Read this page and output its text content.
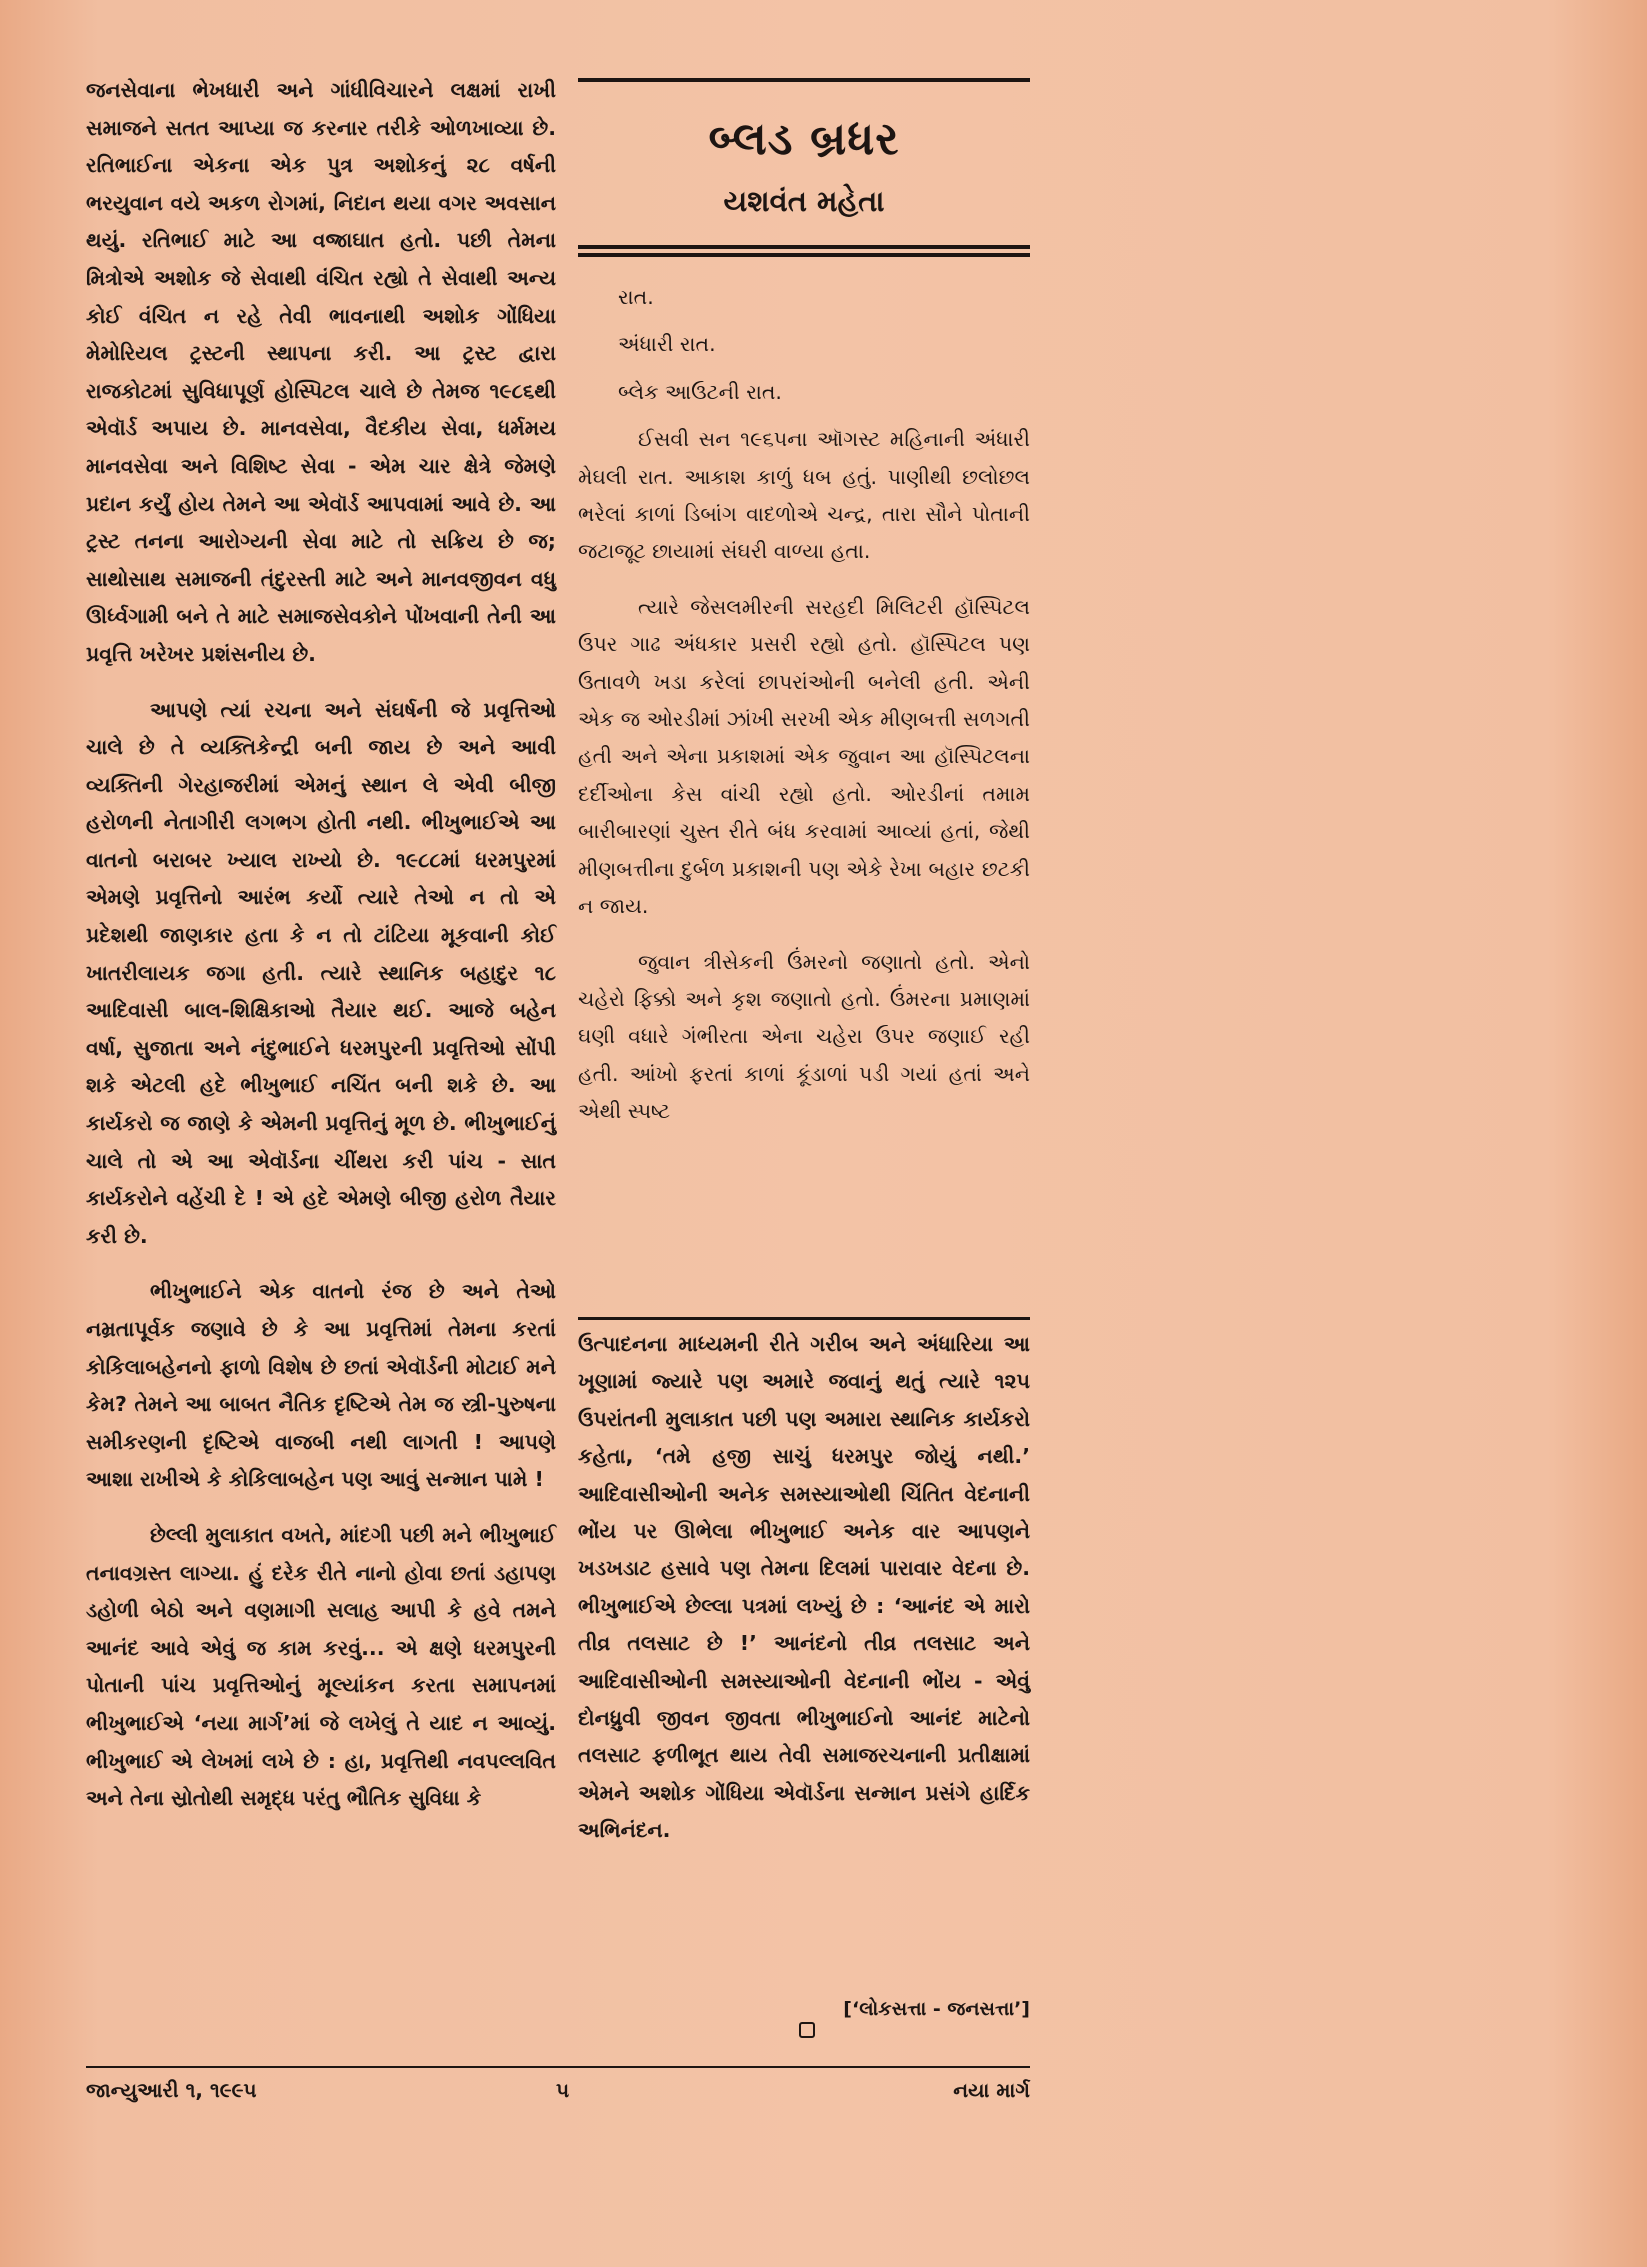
જનસેવાના ભેખધારી અને ગાંધીવિચારને લક્ષમાં રાખી સમાજને સતત આપ્યા જ કરનાર તરીકે ઓળખાવ્યા છે. રતિભાઈના એકના એક પુત્ર અશોકનું ૨૮ વર્ષની ભરયુવાન વયે અકળ રોગમાં, નિદાન થયા વગર અવસાન થયું. રતિભાઈ માટે આ વજ્રાઘાત હતો. પછી તેમના મિત્રોએ અશોક જે સેવાથી વંચિત રહ્યો તે સેવાથી અન્ય કોઈ વંચિત ન રહે તેવી ભાવનાથી અશોક ગોંધિયા મેમોરિયલ ટ્રસ્ટની સ્થાપના કરી. આ ટ્રસ્ટ દ્વારા રાજકોટમાં સુવિધાપૂર્ણ હોસ્પિટલ ચાલે છે તેમજ ૧૯૮૬થી એવૉર્ડ અપાય છે. માનવસેવા, વૈદકીય સેવા, ધર્મમય માનવસેવા અને વિશિષ્ટ સેવા - એમ ચાર ક્ષેત્રે જેમણે પ્રદાન કર્યું હોય તેમને આ એવૉર્ડ આપવામાં આવે છે. આ ટ્રસ્ટ તનના આરોગ્યની સેવા માટે તો સક્રિય છે જ; સાથોસાથ સમાજની તંદુરસ્તી માટે અને માનવજીવન વધુ ઊર્ધ્વગામી બને તે માટે સમાજસેવકોને પોંખવાની તેની આ પ્રવૃત્તિ ખરેખર પ્રશંસનીય છે.

આપણે ત્યાં રચના અને સંઘર્ષની જે પ્રવૃત્તિઓ ચાલે છે તે વ્યક્તિકેન્દ્રી બની જાય છે અને આવી વ્યક્તિની ગેરહાજરીમાં એમનું સ્થાન લે એવી બીજી હરોળની નેતાગીરી લગભગ હોતી નથી. ભીખુભાઈએ આ વાતનો બરાબર ખ્યાલ રાખ્યો છે. ૧૯૮૮માં ધરમપુરમાં એમણે પ્રવૃત્તિનો આરંભ કર્યો ત્યારે તેઓ ન તો એ પ્રદેશથી જાણકાર હતા કે ન તો ટાંટિયા મૂકવાની કોઈ ખાતરીલાયક જગા હતી. ત્યારે સ્થાનિક બહાદુર ૧૮ આદિવાસી બાલ-શિક્ષિકાઓ તૈયાર થઈ. આજે બહેન વર્ષા, સુજાતા અને નંદુભાઈને ધરમપુરની પ્રવૃત્તિઓ સોંપી શકે એટલી હદે ભીખુભાઈ નચિંત બની શકે છે. આ કાર્યકરો જ જાણે કે એમની પ્રવૃત્તિનું મૂળ છે. ભીખુભાઈનું ચાલે તો એ આ એવૉર્ડના ચીંથરા કરી પાંચ - સાત કાર્યકરોને વહેંચી દે ! એ હદે એમણે બીજી હરોળ તૈયાર કરી છે.

ભીખુભાઈને એક વાતનો રંજ છે અને તેઓ નમ્રતાપૂર્વક જણાવે છે કે આ પ્રવૃત્તિમાં તેમના કરતાં કોકિલાબહેનનો ફાળો વિશેષ છે છતાં એવૉર્ડની મોટાઈ મને કેમ? તેમને આ બાબત નૈતિક દૃષ્ટિએ તેમ જ સ્ત્રી-પુરુષના સમીકરણની દૃષ્ટિએ વાજબી નથી લાગતી ! આપણે આશા રાખીએ કે કોકિલાબહેન પણ આવું સન્માન પામે !

છેલ્લી મુલાકાત વખતે, માંદગી પછી મને ભીખુભાઈ તનાવગ્રસ્ત લાગ્યા. હું દરેક રીતે નાનો હોવા છતાં ડહાપણ ડહોળી બેઠો અને વણમાગી સલાહ આપી કે હવે તમને આનંદ આવે એવું જ કામ કરવું... એ ક્ષણે ધરમપુરની પોતાની પાંચ પ્રવૃત્તિઓનું મૂલ્યાંકન કરતા સમાપનમાં ભીખુભાઈએ ‘નયા માર્ગ’માં જે લખેલું તે યાદ ન આવ્યું. ભીખુભાઈ એ લેખમાં લખે છે : હા, પ્રવૃત્તિથી નવપલ્લવિત અને તેના સ્રોતોથી સમૃદ્ધ પરંતુ ભૌતિક સુવિધા કે

બ્લડ બ્રધર
યશવંત મહેતા

રાત.

અંધારી રાત.

બ્લેક આઉટની રાત.

ઈસવી સન ૧૯૬૫ના ઑગસ્ટ મહિનાની અંધારી મેઘલી રાત. આકાશ કાળું ધબ હતું. પાણીથી છલોછલ ભરેલાં કાળાં ડિબાંગ વાદળોએ ચન્દ્ર, તારા સૌને પોતાની જટાજૂટ છાયામાં સંઘરી વાળ્યા હતા.

ત્યારે જેસલમીરની સરહદી મિલિટરી હૉસ્પિટલ ઉપર ગાઢ અંધકાર પ્રસરી રહ્યો હતો. હૉસ્પિટલ પણ ઉતાવળે ખડા કરેલાં છાપરાંઓની બનેલી હતી. એની એક જ ઓરડીમાં ઝાંખી સરખી એક મીણબત્તી સળગતી હતી અને એના પ્રકાશમાં એક જુવાન આ હૉસ્પિટલના દર્દીઓના કેસ વાંચી રહ્યો હતો. ઓરડીનાં તમામ બારીબારણાં ચુસ્ત રીતે બંધ કરવામાં આવ્યાં હતાં, જેથી મીણબત્તીના દુર્બળ પ્રકાશની પણ એકે રેખા બહાર છટકી ન જાય.

જુવાન ત્રીસેકની ઉંમરનો જણાતો હતો. એનો ચહેરો ફિક્કો અને કૃશ જણાતો હતો. ઉંમરના પ્રમાણમાં ઘણી વધારે ગંભીરતા એના ચહેરા ઉપર જણાઈ રહી હતી. આંખો ફરતાં કાળાં કૂંડાળાં પડી ગયાં હતાં અને એથી સ્પષ્ટ

ઉત્પાદનના માધ્યમની રીતે ગરીબ અને અંધારિયા આ ખૂણામાં જ્યારે પણ અમારે જવાનું થતું ત્યારે ૧૨૫ ઉપરાંતની મુલાકાત પછી પણ અમારા સ્થાનિક કાર્યકરો કહેતા, ‘તમે હજી સાચું ધરમપુર જોયું નથી.’ આદિવાસીઓની અનેક સમસ્યાઓથી ચિંતિત વેદનાની ભોંય પર ઊભેલા ભીખુભાઈ અનેક વાર આપણને ખડખડાટ હસાવે પણ તેમના દિલમાં પારાવાર વેદના છે. ભીખુભાઈએ છેલ્લા પત્રમાં લખ્યું છે : ‘આનંદ એ મારો તીવ્ર તલસાટ છે !’ આનંદનો તીવ્ર તલસાટ અને આદિવાસીઓની સમસ્યાઓની વેદનાની ભોંય - એવું દોનધ્રુવી જીવન જીવતા ભીખુભાઈનો આનંદ માટેનો તલસાટ ફળીભૂત થાય તેવી સમાજરચનાની પ્રતીક્ષામાં એમને અશોક ગોંધિયા એવૉર્ડના સન્માન પ્રસંગે હાર્દિક અભિનંદન.

[‘લોકસત્તા - જનસત્તા’]
જાન્યુઆરી ૧, ૧૯૯૫	૫	નયા માર્ગ
